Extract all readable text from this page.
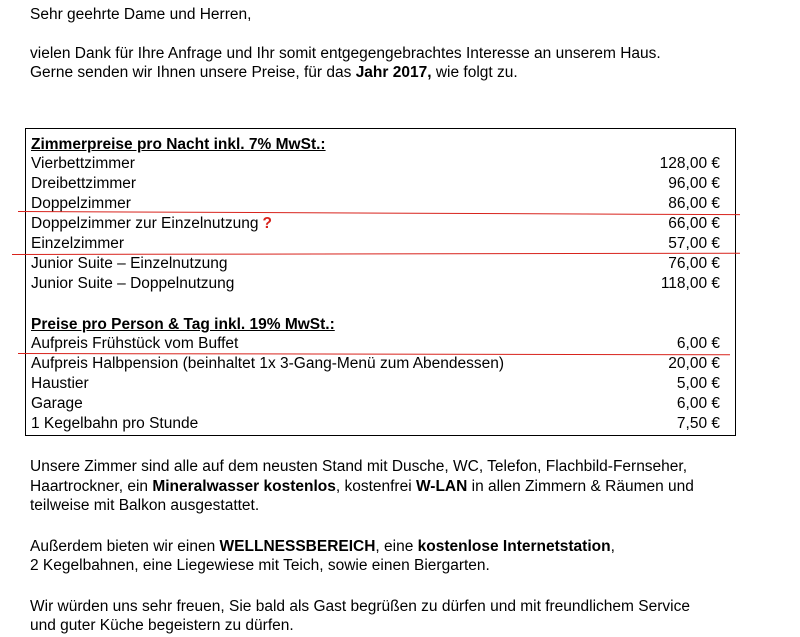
Sehr geehrte Dame und Herren,
vielen Dank für Ihre Anfrage und Ihr somit entgegengebrachtes Interesse an unserem Haus.
Gerne senden wir Ihnen unsere Preise, für das Jahr 2017, wie folgt zu.
Zimmerpreise pro Nacht inkl. 7% MwSt.:
Vierbettzimmer	128,00 €
Dreibettzimmer	96,00 €
Doppelzimmer	86,00 €
Doppelzimmer zur Einzelnutzung ?	66,00 €
Einzelzimmer	57,00 €
Junior Suite – Einzelnutzung	76,00 €
Junior Suite – Doppelnutzung	118,00 €
Preise pro Person & Tag inkl. 19% MwSt.:
Aufpreis Frühstück vom Buffet	6,00 €
Aufpreis Halbpension (beinhaltet 1x 3-Gang-Menü zum Abendessen)	20,00 €
Haustier	5,00 €
Garage	6,00 €
1 Kegelbahn pro Stunde	7,50 €
Unsere Zimmer sind alle auf dem neusten Stand mit Dusche, WC, Telefon, Flachbild-Fernseher,
Haartrockner, ein Mineralwasser kostenlos, kostenfrei W-LAN in allen Zimmern & Räumen und
teilweise mit Balkon ausgestattet.
Außerdem bieten wir einen WELLNESSBEREICH, eine kostenlose Internetstation,
2 Kegelbahnen, eine Liegewiese mit Teich, sowie einen Biergarten.
Wir würden uns sehr freuen, Sie bald als Gast begrüßen zu dürfen und mit freundlichem Service
und guter Küche begeistern zu dürfen.
